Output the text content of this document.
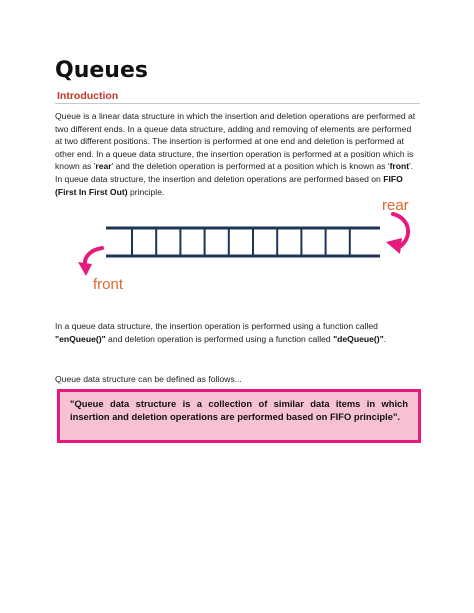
Queues
Introduction
Queue is a linear data structure in which the insertion and deletion operations are performed at two different ends. In a queue data structure, adding and removing of elements are performed at two different positions. The insertion is performed at one end and deletion is performed at other end. In a queue data structure, the insertion operation is performed at a position which is known as 'rear' and the deletion operation is performed at a position which is known as 'front'. In queue data structure, the insertion and deletion operations are performed based on FIFO (First In First Out) principle.
rear
front
In a queue data structure, the insertion operation is performed using a function called "enQueue()" and deletion operation is performed using a function called "deQueue()".
Queue data structure can be defined as follows...
"Queue data structure is a collection of similar data items in which insertion and deletion operations are performed based on FIFO principle".
